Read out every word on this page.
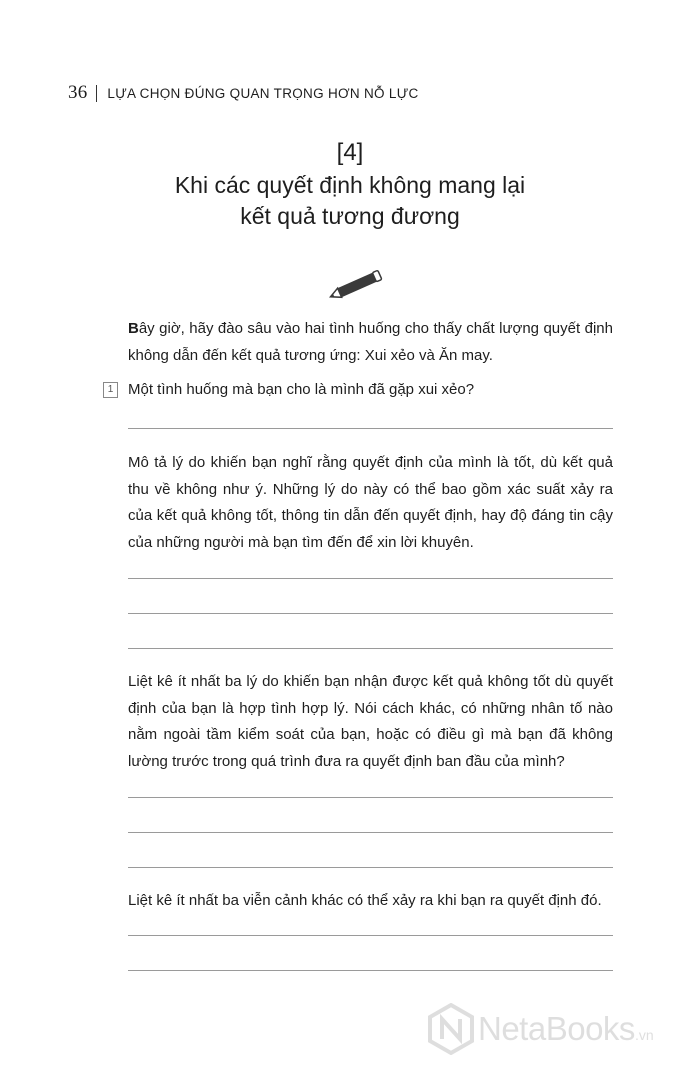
36 LỰA CHỌN ĐÚNG QUAN TRỌNG HƠN NỖ LỰC
[4]
Khi các quyết định không mang lại
kết quả tương đương

Bây giờ, hãy đào sâu vào hai tình huống cho thấy chất lượng quyết định không dẫn đến kết quả tương ứng: Xui xẻo và Ăn may.

1 Một tình huống mà bạn cho là mình đã gặp xui xẻo?

Mô tả lý do khiến bạn nghĩ rằng quyết định của mình là tốt, dù kết quả thu về không như ý. Những lý do này có thể bao gồm xác suất xảy ra của kết quả không tốt, thông tin dẫn đến quyết định, hay độ đáng tin cậy của những người mà bạn tìm đến để xin lời khuyên.

Liệt kê ít nhất ba lý do khiến bạn nhận được kết quả không tốt dù quyết định của bạn là hợp tình hợp lý. Nói cách khác, có những nhân tố nào nằm ngoài tầm kiểm soát của bạn, hoặc có điều gì mà bạn đã không lường trước trong quá trình đưa ra quyết định ban đầu của mình?

Liệt kê ít nhất ba viễn cảnh khác có thể xảy ra khi bạn ra quyết định đó.

NetaBooks.vn
